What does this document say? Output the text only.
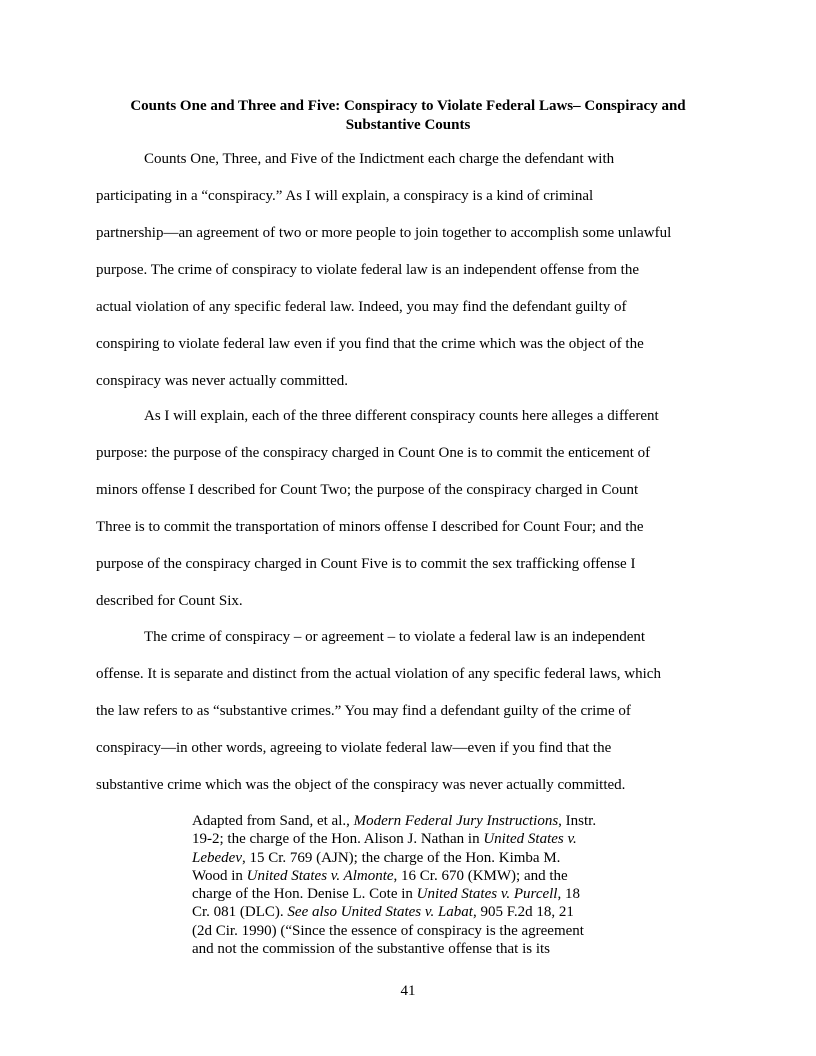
Counts One and Three and Five: Conspiracy to Violate Federal Laws– Conspiracy and
Substantive Counts
Counts One, Three, and Five of the Indictment each charge the defendant with
participating in a “conspiracy.” As I will explain, a conspiracy is a kind of criminal
partnership—an agreement of two or more people to join together to accomplish some unlawful
purpose. The crime of conspiracy to violate federal law is an independent offense from the
actual violation of any specific federal law. Indeed, you may find the defendant guilty of
conspiring to violate federal law even if you find that the crime which was the object of the
conspiracy was never actually committed.
As I will explain, each of the three different conspiracy counts here alleges a different
purpose: the purpose of the conspiracy charged in Count One is to commit the enticement of
minors offense I described for Count Two; the purpose of the conspiracy charged in Count
Three is to commit the transportation of minors offense I described for Count Four; and the
purpose of the conspiracy charged in Count Five is to commit the sex trafficking offense I
described for Count Six.
The crime of conspiracy – or agreement – to violate a federal law is an independent
offense. It is separate and distinct from the actual violation of any specific federal laws, which
the law refers to as “substantive crimes.” You may find a defendant guilty of the crime of
conspiracy—in other words, agreeing to violate federal law—even if you find that the
substantive crime which was the object of the conspiracy was never actually committed.
Adapted from Sand, et al., Modern Federal Jury Instructions, Instr.
19-2; the charge of the Hon. Alison J. Nathan in United States v.
Lebedev, 15 Cr. 769 (AJN); the charge of the Hon. Kimba M.
Wood in United States v. Almonte, 16 Cr. 670 (KMW); and the
charge of the Hon. Denise L. Cote in United States v. Purcell, 18
Cr. 081 (DLC). See also United States v. Labat, 905 F.2d 18, 21
(2d Cir. 1990) (“Since the essence of conspiracy is the agreement
and not the commission of the substantive offense that is its
41
